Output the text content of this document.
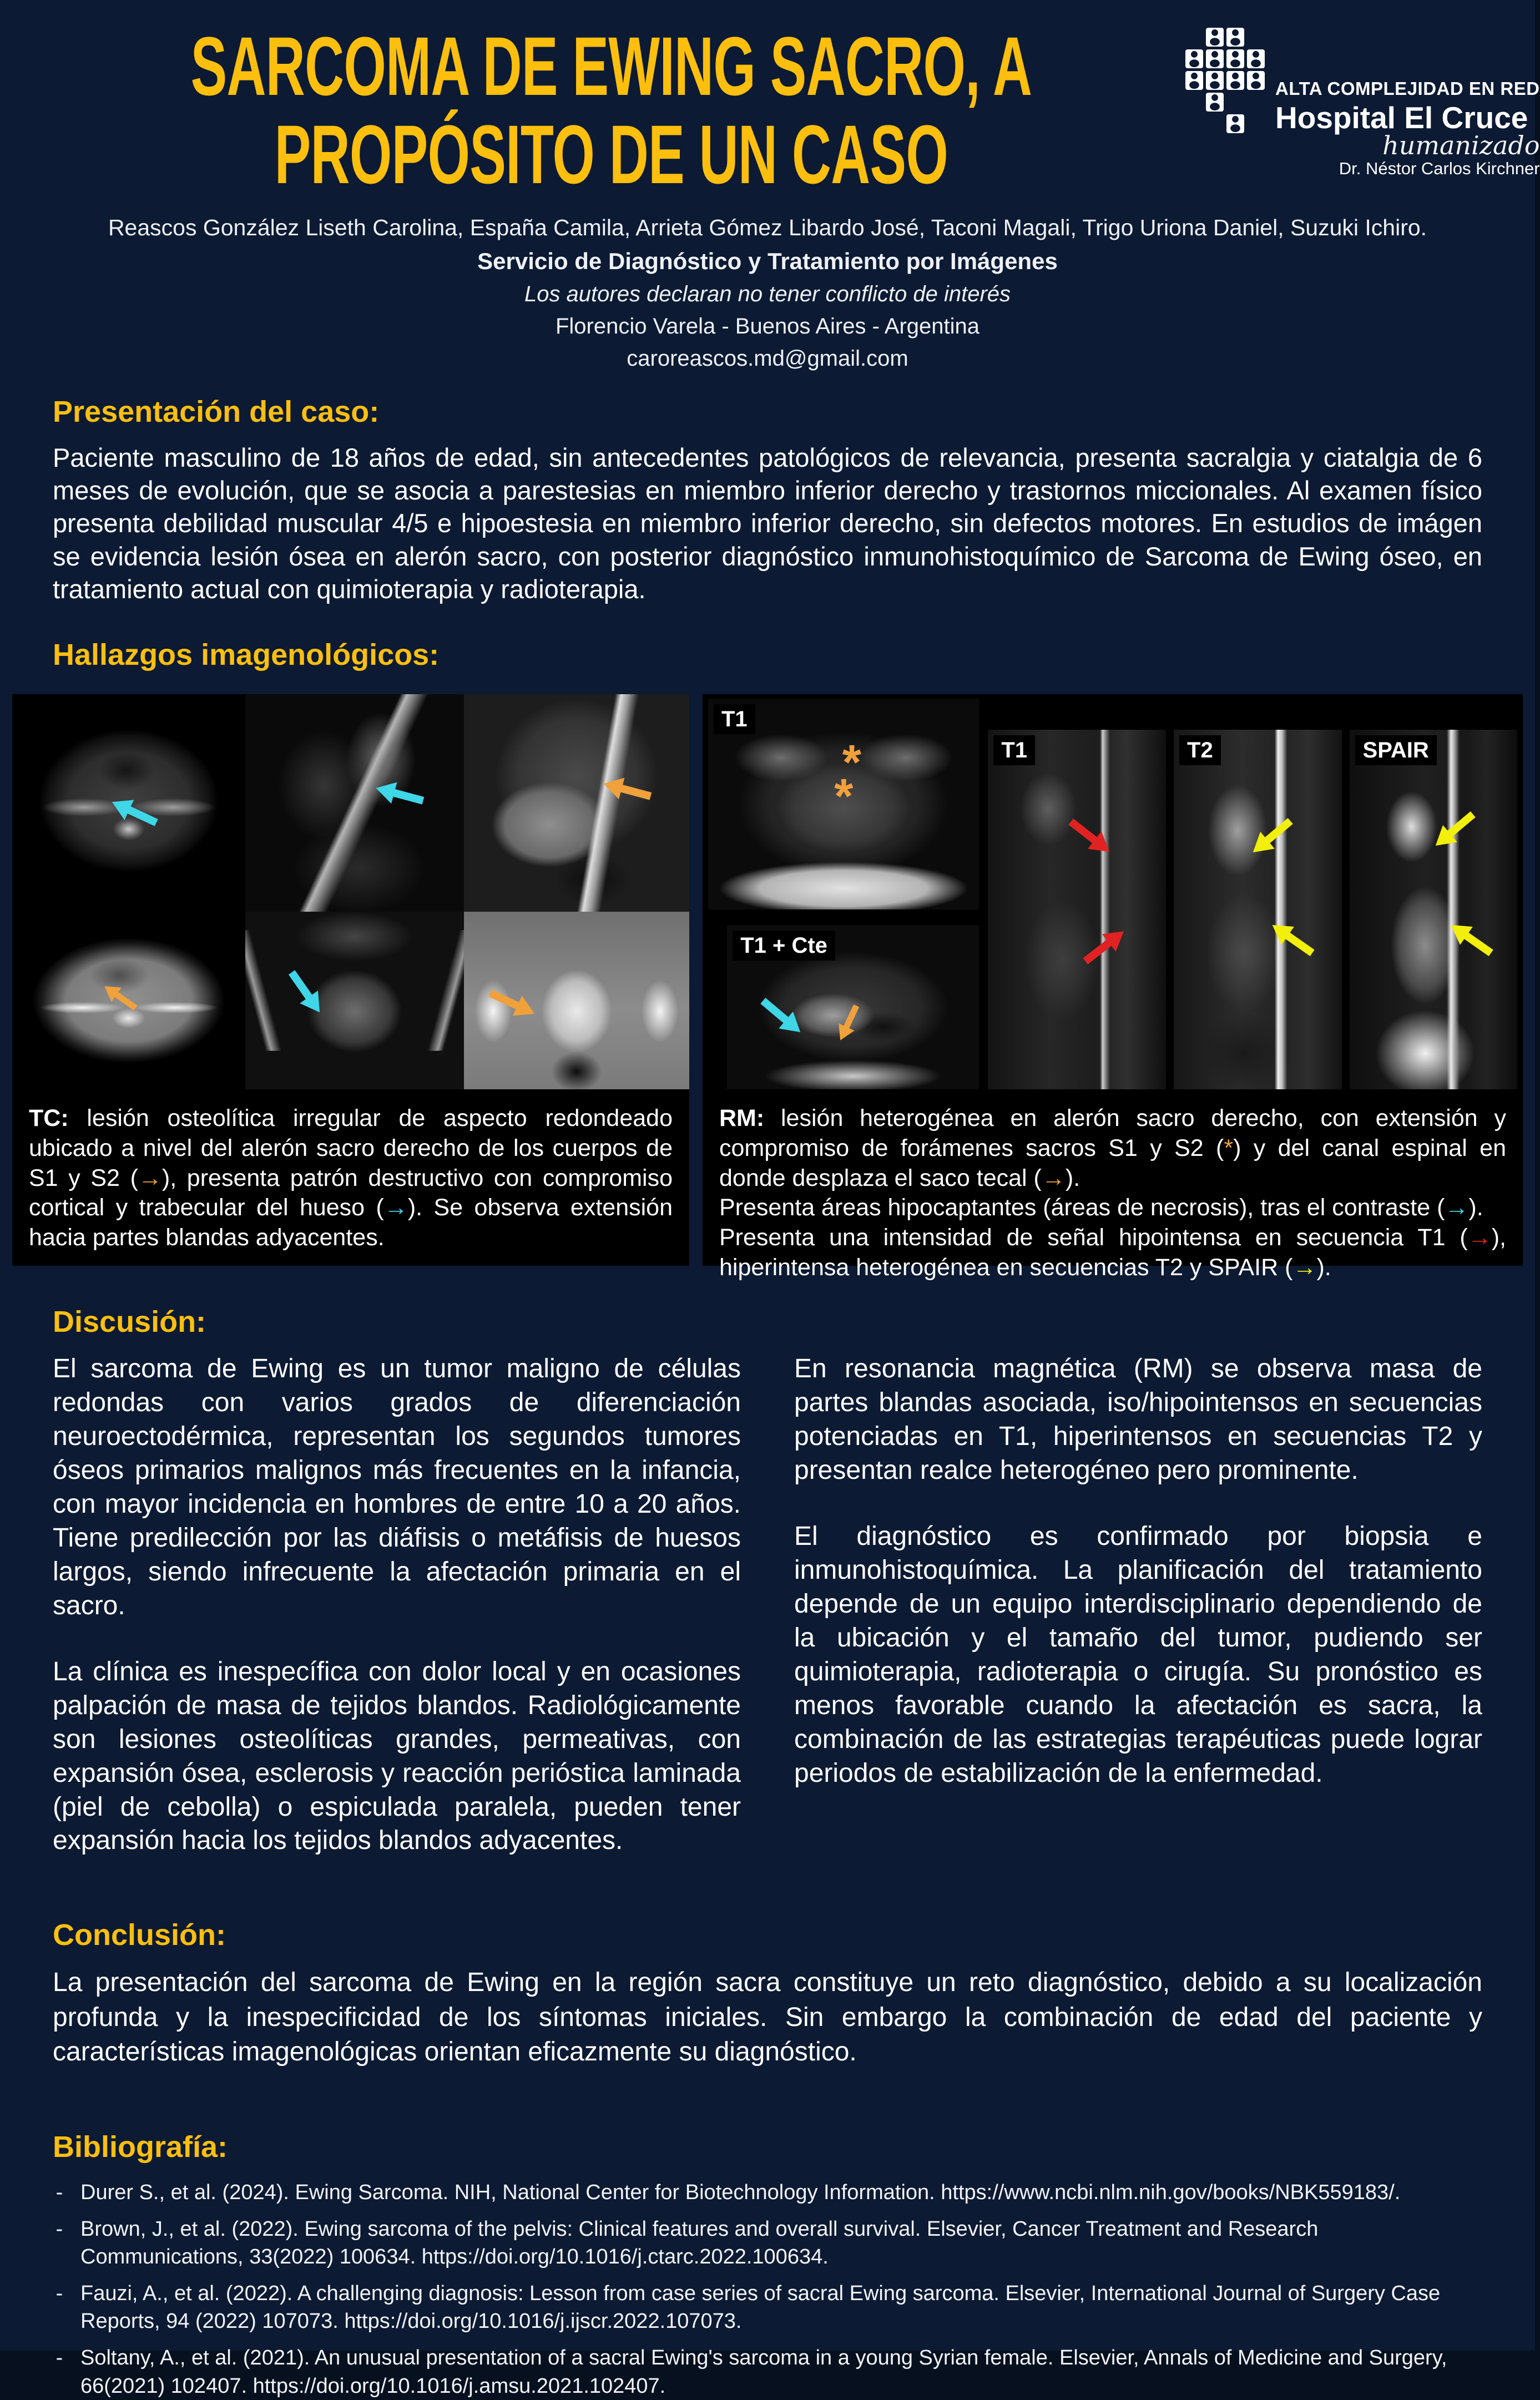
SARCOMA DE EWING SACRO, A PROPÓSITO DE UN CASO
ALTA COMPLEJIDAD EN RED
Hospital El Cruce
humanizado
Dr. Néstor Carlos Kirchner
Reascos González Liseth Carolina, España Camila, Arrieta Gómez Libardo José, Taconi Magali, Trigo Uriona Daniel, Suzuki Ichiro.
Servicio de Diagnóstico y Tratamiento por Imágenes
Los autores declaran no tener conflicto de interés
Florencio Varela - Buenos Aires - Argentina
caroreascos.md@gmail.com
Presentación del caso:
Paciente masculino de 18 años de edad, sin antecedentes patológicos de relevancia, presenta sacralgia y ciatalgia de 6 meses de evolución, que se asocia a parestesias en miembro inferior derecho y trastornos miccionales. Al examen físico presenta debilidad muscular 4/5 e hipoestesia en miembro inferior derecho, sin defectos motores. En estudios de imágen se evidencia lesión ósea en alerón sacro, con posterior diagnóstico inmunohistoquímico de Sarcoma de Ewing óseo, en tratamiento actual con quimioterapia y radioterapia.
Hallazgos imagenológicos:
TC: lesión osteolítica irregular de aspecto redondeado ubicado a nivel del alerón sacro derecho de los cuerpos de S1 y S2 (→), presenta patrón destructivo con compromiso cortical y trabecular del hueso (→). Se observa extensión hacia partes blandas adyacentes.
T1
*
*
T1 + Cte
T1	T2	SPAIR

RM: lesión heterogénea en alerón sacro derecho, con extensión y compromiso de forámenes sacros S1 y S2 (*) y del canal espinal en donde desplaza el saco tecal (→).

Presenta áreas hipocaptantes (áreas de necrosis), tras el contraste (→).

Presenta una intensidad de señal hipointensa en secuencia T1 (→), hiperintensa heterogénea en secuencias T2 y SPAIR (→).

Discusión:

El sarcoma de Ewing es un tumor maligno de células redondas con varios grados de diferenciación neuroectodérmica, representan los segundos tumores óseos primarios malignos más frecuentes en la infancia, con mayor incidencia en hombres de entre 10 a 20 años. Tiene predilección por las diáfisis o metáfisis de huesos largos, siendo infrecuente la afectación primaria en el sacro.

La clínica es inespecífica con dolor local y en ocasiones palpación de masa de tejidos blandos. Radiológicamente son lesiones osteolíticas grandes, permeativas, con expansión ósea, esclerosis y reacción perióstica laminada (piel de cebolla) o espiculada paralela, pueden tener expansión hacia los tejidos blandos adyacentes.

En resonancia magnética (RM) se observa masa de partes blandas asociada, iso/hipointensos en secuencias potenciadas en T1, hiperintensos en secuencias T2 y presentan realce heterogéneo pero prominente.

El diagnóstico es confirmado por biopsia e inmunohistoquímica. La planificación del tratamiento depende de un equipo interdisciplinario dependiendo de la ubicación y el tamaño del tumor, pudiendo ser quimioterapia, radioterapia o cirugía. Su pronóstico es menos favorable cuando la afectación es sacra, la combinación de las estrategias terapéuticas puede lograr periodos de estabilización de la enfermedad.

Conclusión:
La presentación del sarcoma de Ewing en la región sacra constituye un reto diagnóstico, debido a su localización profunda y la inespecificidad de los síntomas iniciales. Sin embargo la combinación de edad del paciente y características imagenológicas orientan eficazmente su diagnóstico.
Bibliografía:
- Durer S., et al. (2024). Ewing Sarcoma. NIH, National Center for Biotechnology Information. https://www.ncbi.nlm.nih.gov/books/NBK559183/.
- Brown, J., et al. (2022). Ewing sarcoma of the pelvis: Clinical features and overall survival. Elsevier, Cancer Treatment and Research Communications, 33(2022) 100634. https://doi.org/10.1016/j.ctarc.2022.100634.
- Fauzi, A., et al. (2022). A challenging diagnosis: Lesson from case series of sacral Ewing sarcoma. Elsevier, International Journal of Surgery Case Reports, 94 (2022) 107073. https://doi.org/10.1016/j.ijscr.2022.107073.
- Soltany, A., et al. (2021). An unusual presentation of a sacral Ewing's sarcoma in a young Syrian female. Elsevier, Annals of Medicine and Surgery, 66(2021) 102407. https://doi.org/10.1016/j.amsu.2021.102407.
